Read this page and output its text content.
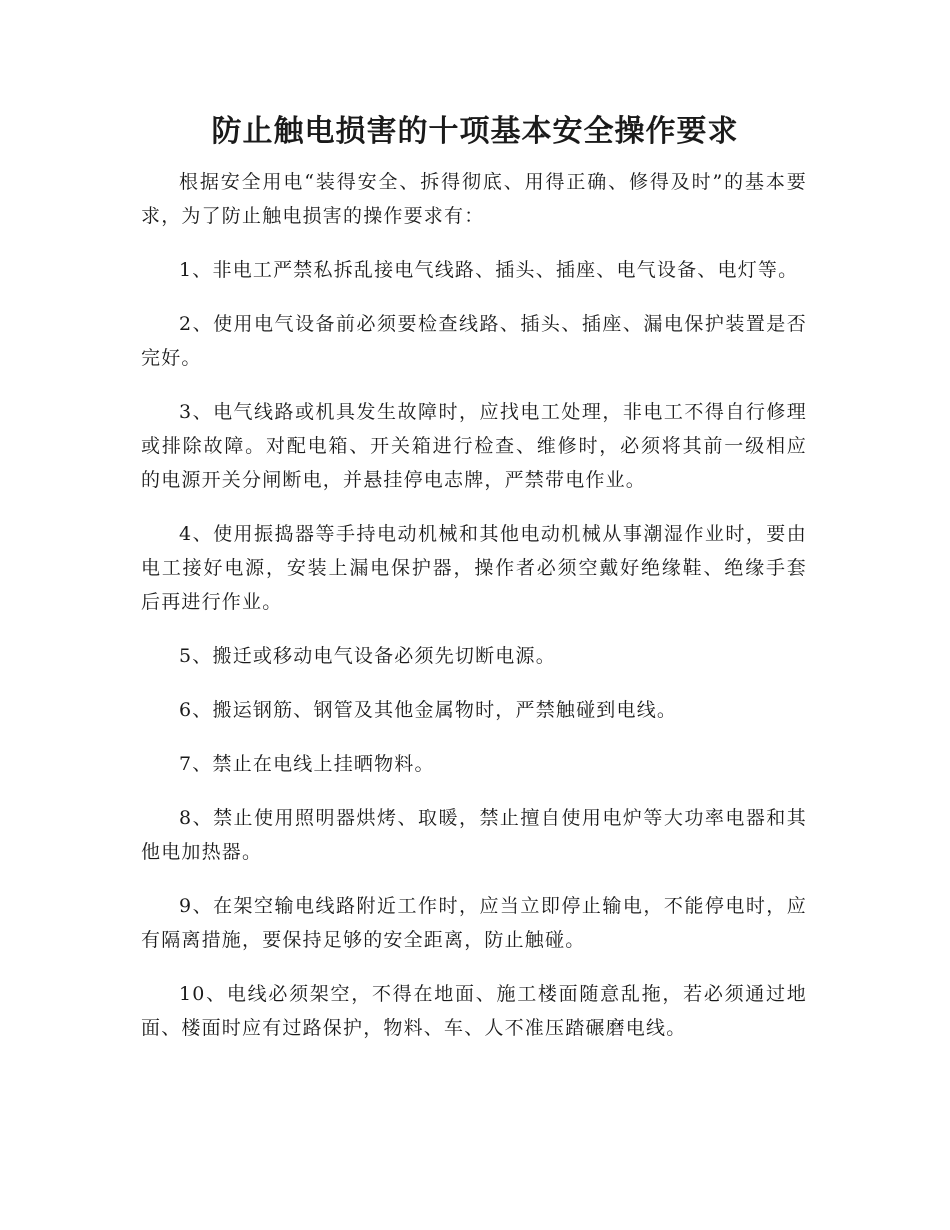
防止触电损害的十项基本安全操作要求

根据安全用电“装得安全、拆得彻底、用得正确、修得及时”的基本要求，为了防止触电损害的操作要求有：

1、非电工严禁私拆乱接电气线路、插头、插座、电气设备、电灯等。

2、使用电气设备前必须要检查线路、插头、插座、漏电保护装置是否完好。

3、电气线路或机具发生故障时，应找电工处理，非电工不得自行修理或排除故障。对配电箱、开关箱进行检查、维修时，必须将其前一级相应的电源开关分闸断电，并悬挂停电志牌，严禁带电作业。

4、使用振捣器等手持电动机械和其他电动机械从事潮湿作业时，要由电工接好电源，安装上漏电保护器，操作者必须空戴好绝缘鞋、绝缘手套后再进行作业。

5、搬迁或移动电气设备必须先切断电源。

6、搬运钢筋、钢管及其他金属物时，严禁触碰到电线。

7、禁止在电线上挂晒物料。

8、禁止使用照明器烘烤、取暖，禁止擅自使用电炉等大功率电器和其他电加热器。

9、在架空输电线路附近工作时，应当立即停止输电，不能停电时，应有隔离措施，要保持足够的安全距离，防止触碰。

10、电线必须架空，不得在地面、施工楼面随意乱拖，若必须通过地面、楼面时应有过路保护，物料、车、人不准压踏碾磨电线。
